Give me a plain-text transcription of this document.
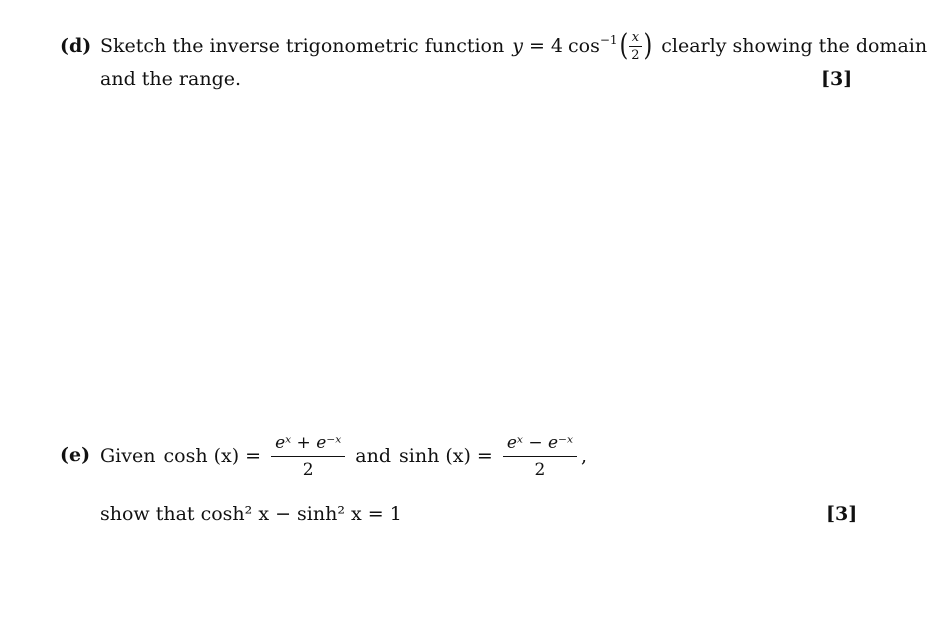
(d) Sketch the inverse trigonometric function y = 4 $\cos^{-1}$ ( $\frac{x}{2}$ ) clearly showing the domain
and the range.	[3]
(e) Given $\cosh (x) = \frac{\text{eˣ + e⁻ˣ}}{2}$ and $\sinh (x) = \frac{\text{eˣ − e⁻ˣ}}{2}$ ,
show that cosh² x − sinh² x = 1	[3]
